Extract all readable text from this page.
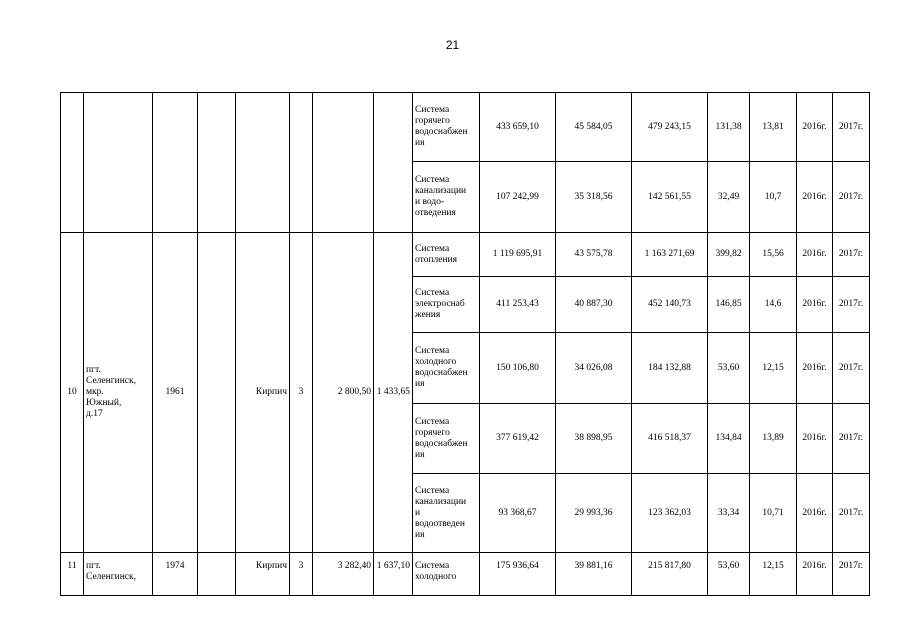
21
								Система
горячего
водоснабжен
ия	433 659,10	45 584,05	479 243,15	131,38	13,81	2016г.	2017г.
								Система
канализации
и водо-
отведения	107 242,99	35 318,56	142 561,55	32,49	10,7	2016г.	2017г.
10	пгт.
Селенгинск,
мкр.
Южный,
д.17	1961		Кирпич	3	2 800,50	1 433,65	Система
отопления	1 119 695,91	43 575,78	1 163 271,69	399,82	15,56	2016г.	2017г.
								Система
электроснаб
жения	411 253,43	40 887,30	452 140,73	146,85	14,6	2016г.	2017г.
								Система
холодного
водоснабжен
ия	150 106,80	34 026,08	184 132,88	53,60	12,15	2016г.	2017г.
								Система
горячего
водоснабжен
ия	377 619,42	38 898,95	416 518,37	134,84	13,89	2016г.	2017г.
								Система
канализации
и
водоотведен
ия	93 368,67	29 993,36	123 362,03	33,34	10,71	2016г.	2017г.
11	пгт.
Селенгинск,	1974		Кирпич	3	3 282,40	1 637,10	Система
холодного	175 936,64	39 881,16	215 817,80	53,60	12,15	2016г.	2017г.
